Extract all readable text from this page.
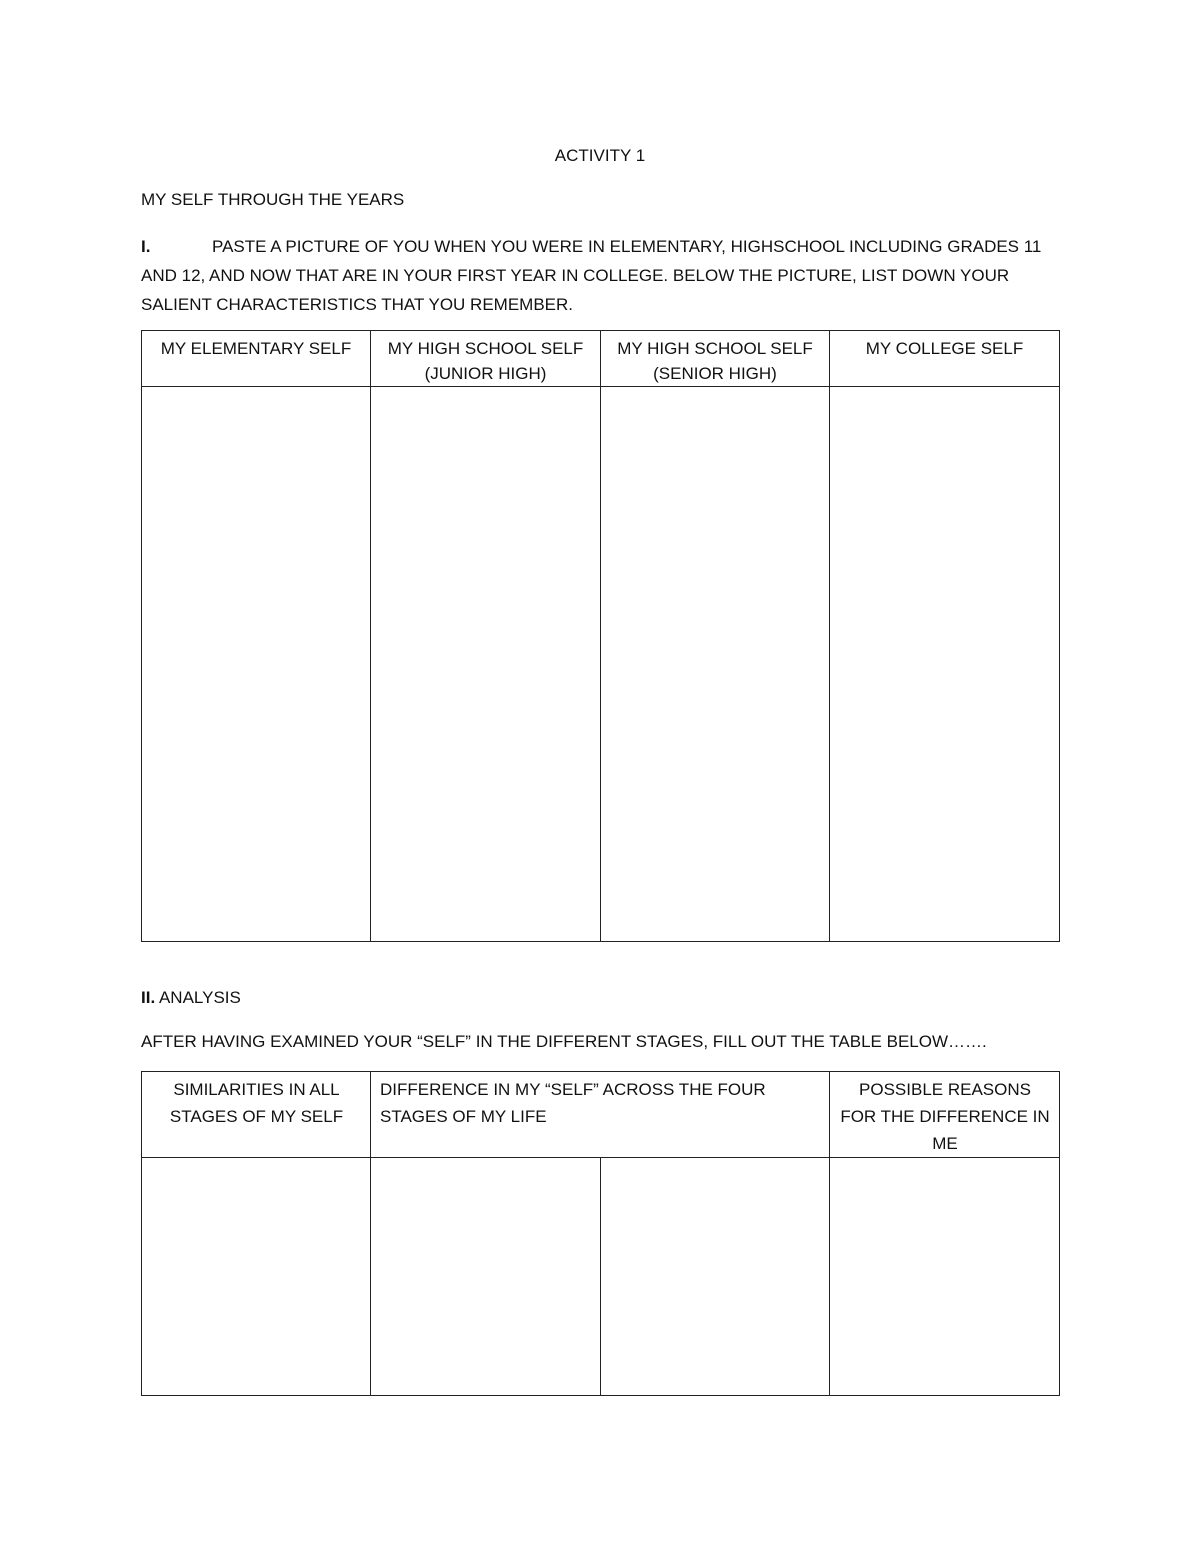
ACTIVITY 1
MY SELF THROUGH THE YEARS
I.	PASTE A PICTURE OF YOU WHEN YOU WERE IN ELEMENTARY, HIGHSCHOOL INCLUDING GRADES 11 AND 12, AND NOW THAT ARE IN YOUR FIRST YEAR IN COLLEGE. BELOW THE PICTURE, LIST DOWN YOUR SALIENT CHARACTERISTICS THAT YOU REMEMBER.
MY ELEMENTARY SELF	MY HIGH SCHOOL SELF (JUNIOR HIGH)	MY HIGH SCHOOL SELF (SENIOR HIGH)	MY COLLEGE SELF

II. ANALYSIS
AFTER HAVING EXAMINED YOUR “SELF” IN THE DIFFERENT STAGES, FILL OUT THE TABLE BELOW…….
SIMILARITIES IN ALL STAGES OF MY SELF	DIFFERENCE IN MY “SELF” ACROSS THE FOUR STAGES OF MY LIFE		POSSIBLE REASONS FOR THE DIFFERENCE IN ME
